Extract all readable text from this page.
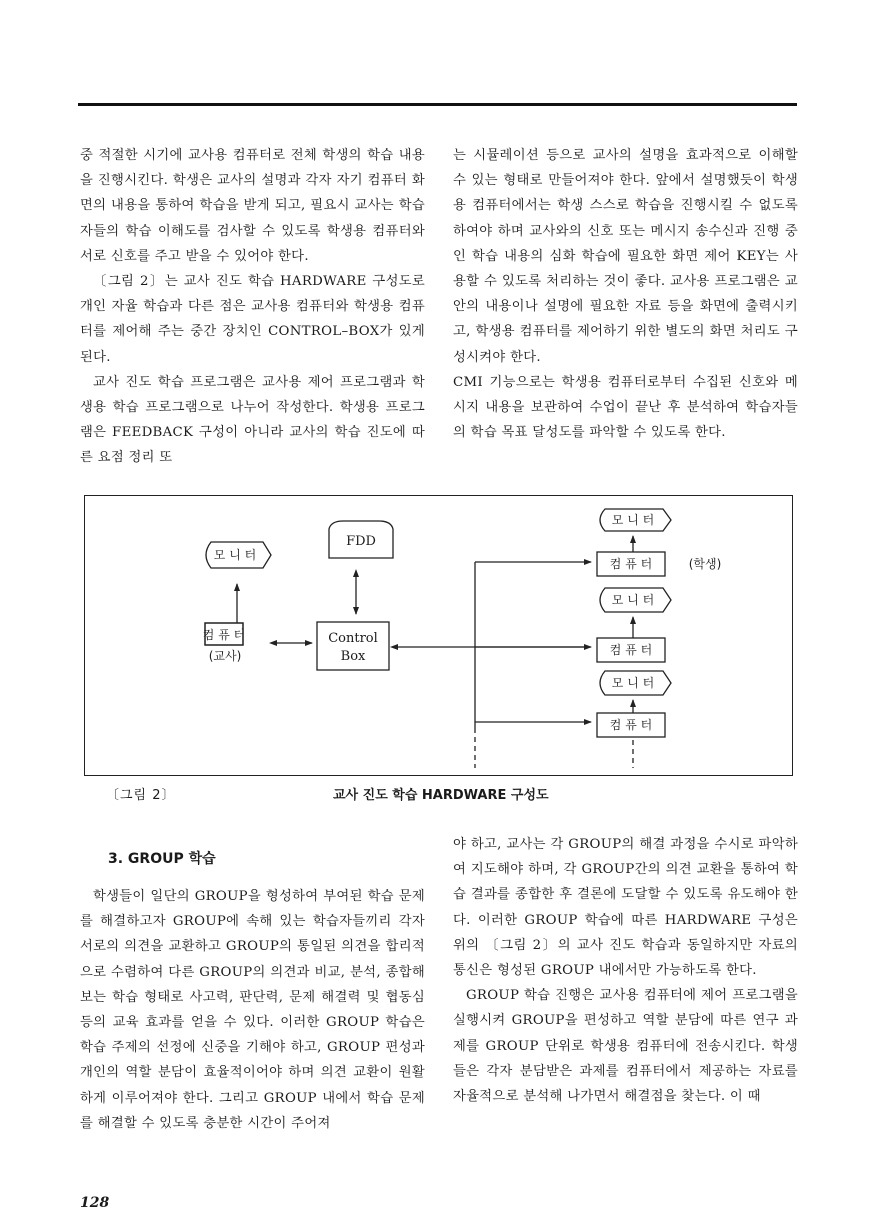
중 적절한 시기에 교사용 컴퓨터로 전체 학생의 학습 내용을 진행시킨다. 학생은 교사의 설명과 각자 자기 컴퓨터 화면의 내용을 통하여 학습을 받게 되고, 필요시 교사는 학습자들의 학습 이해도를 검사할 수 있도록 학생용 컴퓨터와 서로 신호를 주고 받을 수 있어야 한다.

〔그림 2〕는 교사 진도 학습 HARDWARE 구성도로 개인 자율 학습과 다른 점은 교사용 컴퓨터와 학생용 컴퓨터를 제어해 주는 중간 장치인 CONTROL–BOX가 있게 된다.

교사 진도 학습 프로그램은 교사용 제어 프로그램과 학생용 학습 프로그램으로 나누어 작성한다. 학생용 프로그램은 FEEDBACK 구성이 아니라 교사의 학습 진도에 따른 요점 정리 또

는 시뮬레이션 등으로 교사의 설명을 효과적으로 이해할 수 있는 형태로 만들어져야 한다. 앞에서 설명했듯이 학생용 컴퓨터에서는 학생 스스로 학습을 진행시킬 수 없도록 하여야 하며 교사와의 신호 또는 메시지 송수신과 진행 중인 학습 내용의 심화 학습에 필요한 화면 제어 KEY는 사용할 수 있도록 처리하는 것이 좋다. 교사용 프로그램은 교안의 내용이나 설명에 필요한 자료 등을 화면에 출력시키고, 학생용 컴퓨터를 제어하기 위한 별도의 화면 처리도 구성시켜야 한다.

CMI 기능으로는 학생용 컴퓨터로부터 수집된 신호와 메시지 내용을 보관하여 수업이 끝난 후 분석하여 학습자들의 학습 목표 달성도를 파악할 수 있도록 한다.

모 니 터
FDD
컴 퓨 터
(교사)
Control
Box
모 니 터
컴 퓨 터	(학생)
모 니 터
컴 퓨 터
모 니 터
컴 퓨 터
〔그림 2〕	교사 진도 학습 HARDWARE 구성도
3. GROUP 학습

학생들이 일단의 GROUP을 형성하여 부여된 학습 문제를 해결하고자 GROUP에 속해 있는 학습자들끼리 각자 서로의 의견을 교환하고 GROUP의 통일된 의견을 합리적으로 수렴하여 다른 GROUP의 의견과 비교, 분석, 종합해 보는 학습 형태로 사고력, 판단력, 문제 해결력 및 협동심 등의 교육 효과를 얻을 수 있다. 이러한 GROUP 학습은 학습 주제의 선정에 신중을 기해야 하고, GROUP 편성과 개인의 역할 분담이 효율적이어야 하며 의견 교환이 원활하게 이루어져야 한다. 그리고 GROUP 내에서 학습 문제를 해결할 수 있도록 충분한 시간이 주어져

야 하고, 교사는 각 GROUP의 해결 과정을 수시로 파악하여 지도해야 하며, 각 GROUP간의 의견 교환을 통하여 학습 결과를 종합한 후 결론에 도달할 수 있도록 유도해야 한다. 이러한 GROUP 학습에 따른 HARDWARE 구성은 위의 〔그림 2〕의 교사 진도 학습과 동일하지만 자료의 통신은 형성된 GROUP 내에서만 가능하도록 한다.

GROUP 학습 진행은 교사용 컴퓨터에 제어 프로그램을 실행시켜 GROUP을 편성하고 역할 분담에 따른 연구 과제를 GROUP 단위로 학생용 컴퓨터에 전송시킨다. 학생들은 각자 분담받은 과제를 컴퓨터에서 제공하는 자료를 자율적으로 분석해 나가면서 해결점을 찾는다. 이 때

128
